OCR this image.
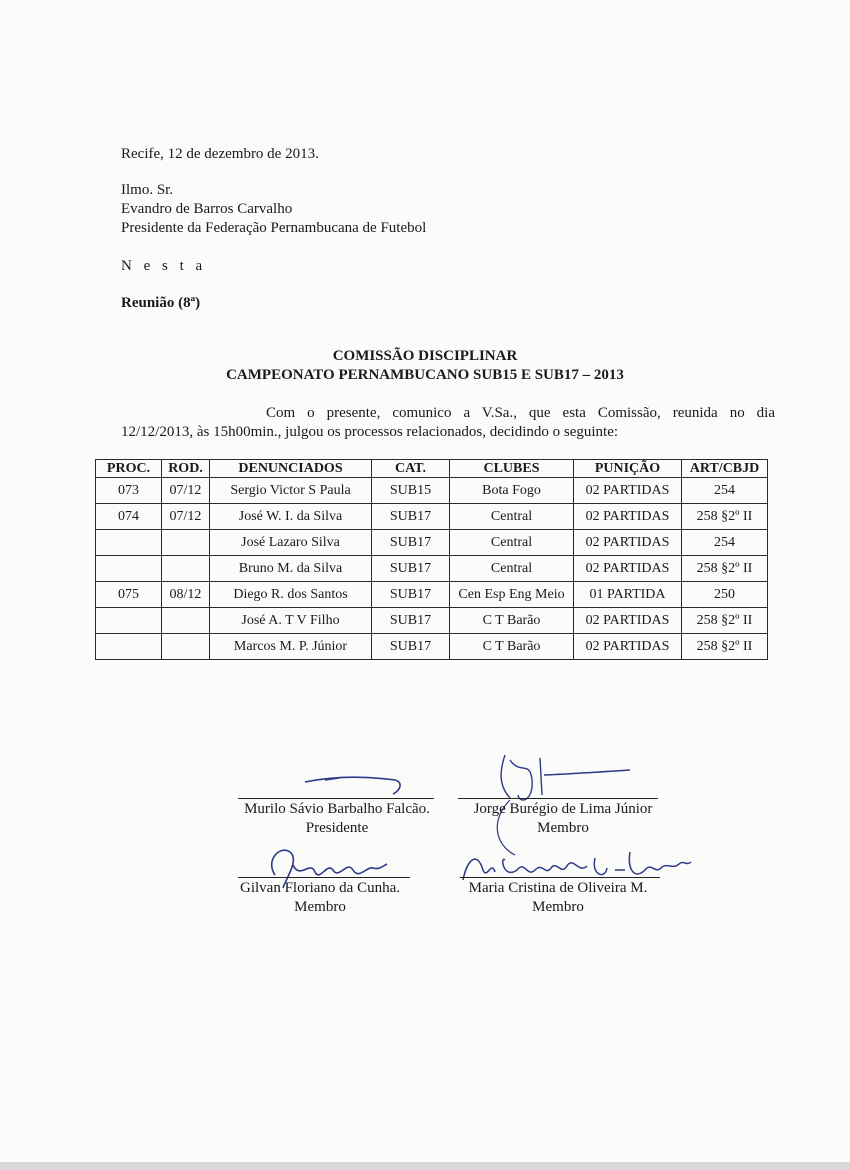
Recife, 12 de dezembro de 2013.
Ilmo. Sr.
Evandro de Barros Carvalho
Presidente da Federação Pernambucana de Futebol
N e s t a
Reunião (8ª)
COMISSÃO DISCIPLINAR
CAMPEONATO PERNAMBUCANO SUB15 E SUB17 – 2013
Com o presente, comunico a V.Sa., que esta Comissão, reunida no dia
12/12/2013, às 15h00min., julgou os processos relacionados, decidindo o seguinte:
PROC.	ROD.	DENUNCIADOS	CAT.	CLUBES	PUNIÇÃO	ART/CBJD
073	07/12	Sergio Victor S Paula	SUB15	Bota Fogo	02 PARTIDAS	254
074	07/12	José W. I. da Silva	SUB17	Central	02 PARTIDAS	258 §2º II
		José Lazaro Silva	SUB17	Central	02 PARTIDAS	254
		Bruno M. da Silva	SUB17	Central	02 PARTIDAS	258 §2º II
075	08/12	Diego R. dos Santos	SUB17	Cen Esp Eng Meio	01 PARTIDA	250
		José A. T V Filho	SUB17	C T Barão	02 PARTIDAS	258 §2º II
		Marcos M. P. Júnior	SUB17	C T Barão	02 PARTIDAS	258 §2º II
Murilo Sávio Barbalho Falcão.
Presidente
Jorge Burégio de Lima Júnior
Membro
Gilvan Floriano da Cunha.
Membro
Maria Cristina de Oliveira M.
Membro
